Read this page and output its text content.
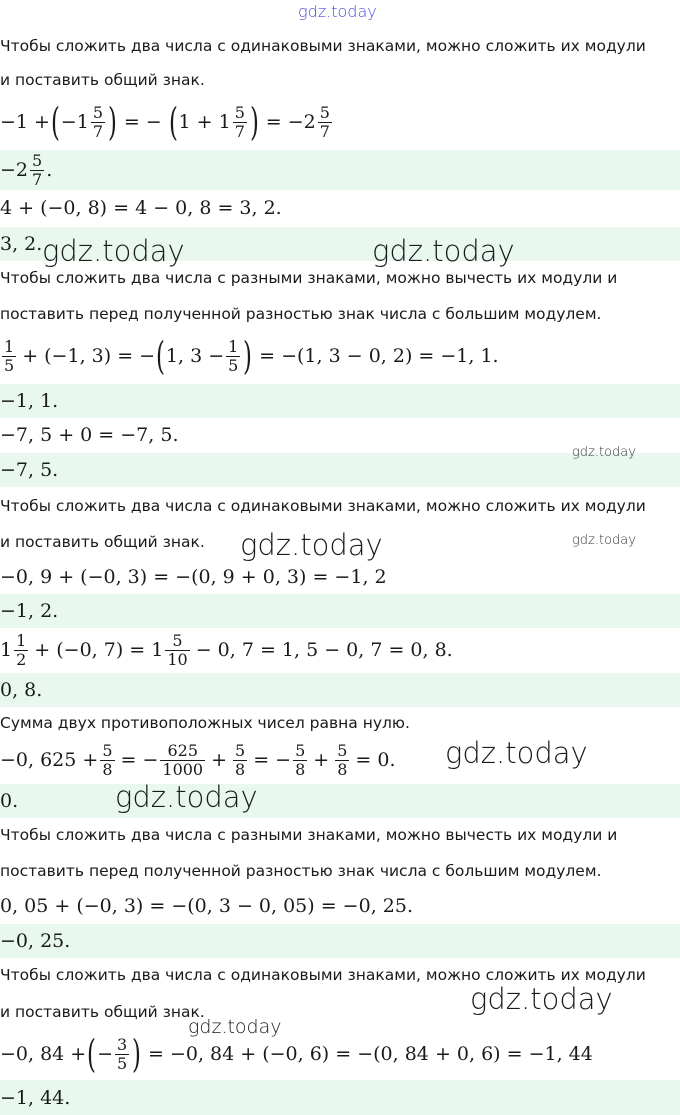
gdz.today
Чтобы сложить два числа с одинаковыми знаками, можно сложить их модули
и поставить общий знак.
−1 + ( $-1 \frac{5}{7}$ ) = − ( $1 + 1 \frac{5}{7}$ ) = $-2 \frac{5}{7}$
$-2 \frac{5}{7}$ .
4 + (−0, 8) = 4 − 0, 8 = 3, 2.
3, 2. gdz.today	gdz.today
Чтобы сложить два числа с разными знаками, можно вычесть их модули и
поставить перед полученной разностью знак числа с большим модулем.
$\frac{1}{5} + (-1$, 3) = − ( 1, $3 - \frac{1}{5}$ ) = −(1, 3 − 0, 2) = −1, 1.
−1, 1.
−7, 5 + 0 = −7, 5.
−7, 5.
gdz.today
Чтобы сложить два числа с одинаковыми знаками, можно сложить их модули
и поставить общий знак. gdz.today	gdz.today
−0, 9 + (−0, 3) = −(0, 9 + 0, 3) = −1, 2
−1, 2.
$1 \frac{1}{2} + (-0$, $7) = 1 \frac{5}{10} - 0$, 7 = 1, 5 − 0, 7 = 0, 8.
0, 8.
Сумма двух противоположных чисел равна нулю.
−0, $625 + \frac{5}{8}$ = − $\frac{625}{1000} + \frac{5}{8}$ = − $\frac{5}{8} + \frac{5}{8} = 0$. gdz.today
0.	gdz.today
Чтобы сложить два числа с разными знаками, можно вычесть их модули и
поставить перед полученной разностью знак числа с большим модулем.
0, 05 + (−0, 3) = −(0, 3 − 0, 05) = −0, 25.
−0, 25.
Чтобы сложить два числа с одинаковыми знаками, можно сложить их модули
и поставить общий знак.	gdz.today
gdz.today
−0, 84 + ( − $\frac{3}{5}$ ) = −0, 84 + (−0, 6) = −(0, 84 + 0, 6) = −1, 44
−1, 44.
